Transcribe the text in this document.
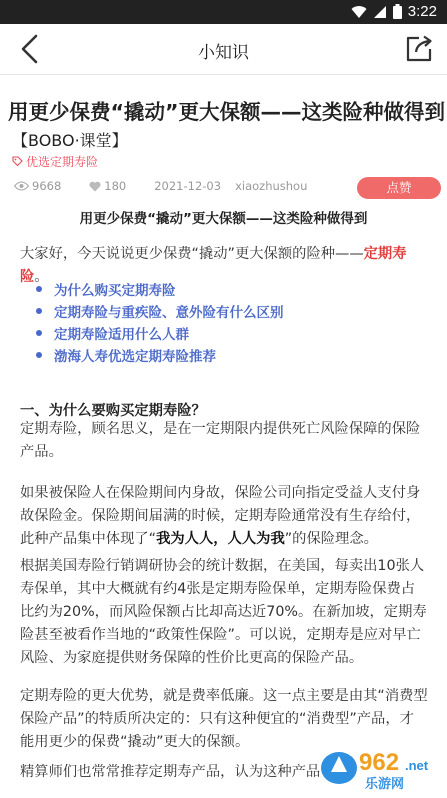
3:22
小知识
用更少保费“撬动”更大保额——这类险种做得到
【BOBO·课堂】
优选定期寿险
9668	180 2021-12-03 xiaozhushou	点赞
用更少保费“撬动”更大保额——这类险种做得到
大家好，今天说说更少保费“撬动”更大保额的险种——定期寿险。
为什么购买定期寿险
定期寿险与重疾险、意外险有什么区别
定期寿险适用什么人群
渤海人寿优选定期寿险推荐
一、为什么要购买定期寿险？
定期寿险，顾名思义，是在一定期限内提供死亡风险保障的保险产品。
如果被保险人在保险期间内身故，保险公司向指定受益人支付身故保险金。保险期间届满的时候，定期寿险通常没有生存给付，此种产品集中体现了“我为人人，人人为我”的保险理念。
根据美国寿险行销调研协会的统计数据，在美国，每卖出10张人寿保单，其中大概就有约4张是定期寿险保单，定期寿险保费占比约为20%，而风险保额占比却高达近70%。在新加坡，定期寿险甚至被看作当地的“政策性保险”。可以说，定期寿是应对早亡风险、为家庭提供财务保障的性价比更高的保险产品。
定期寿险的更大优势，就是费率低廉。这一点主要是由其“消费型保险产品”的特质所决定的：只有这种便宜的“消费型”产品，才能用更少的保费“撬动”更大的保额。
精算师们也常常推荐定期寿产品，认为这种产品	962 .net
乐游网
